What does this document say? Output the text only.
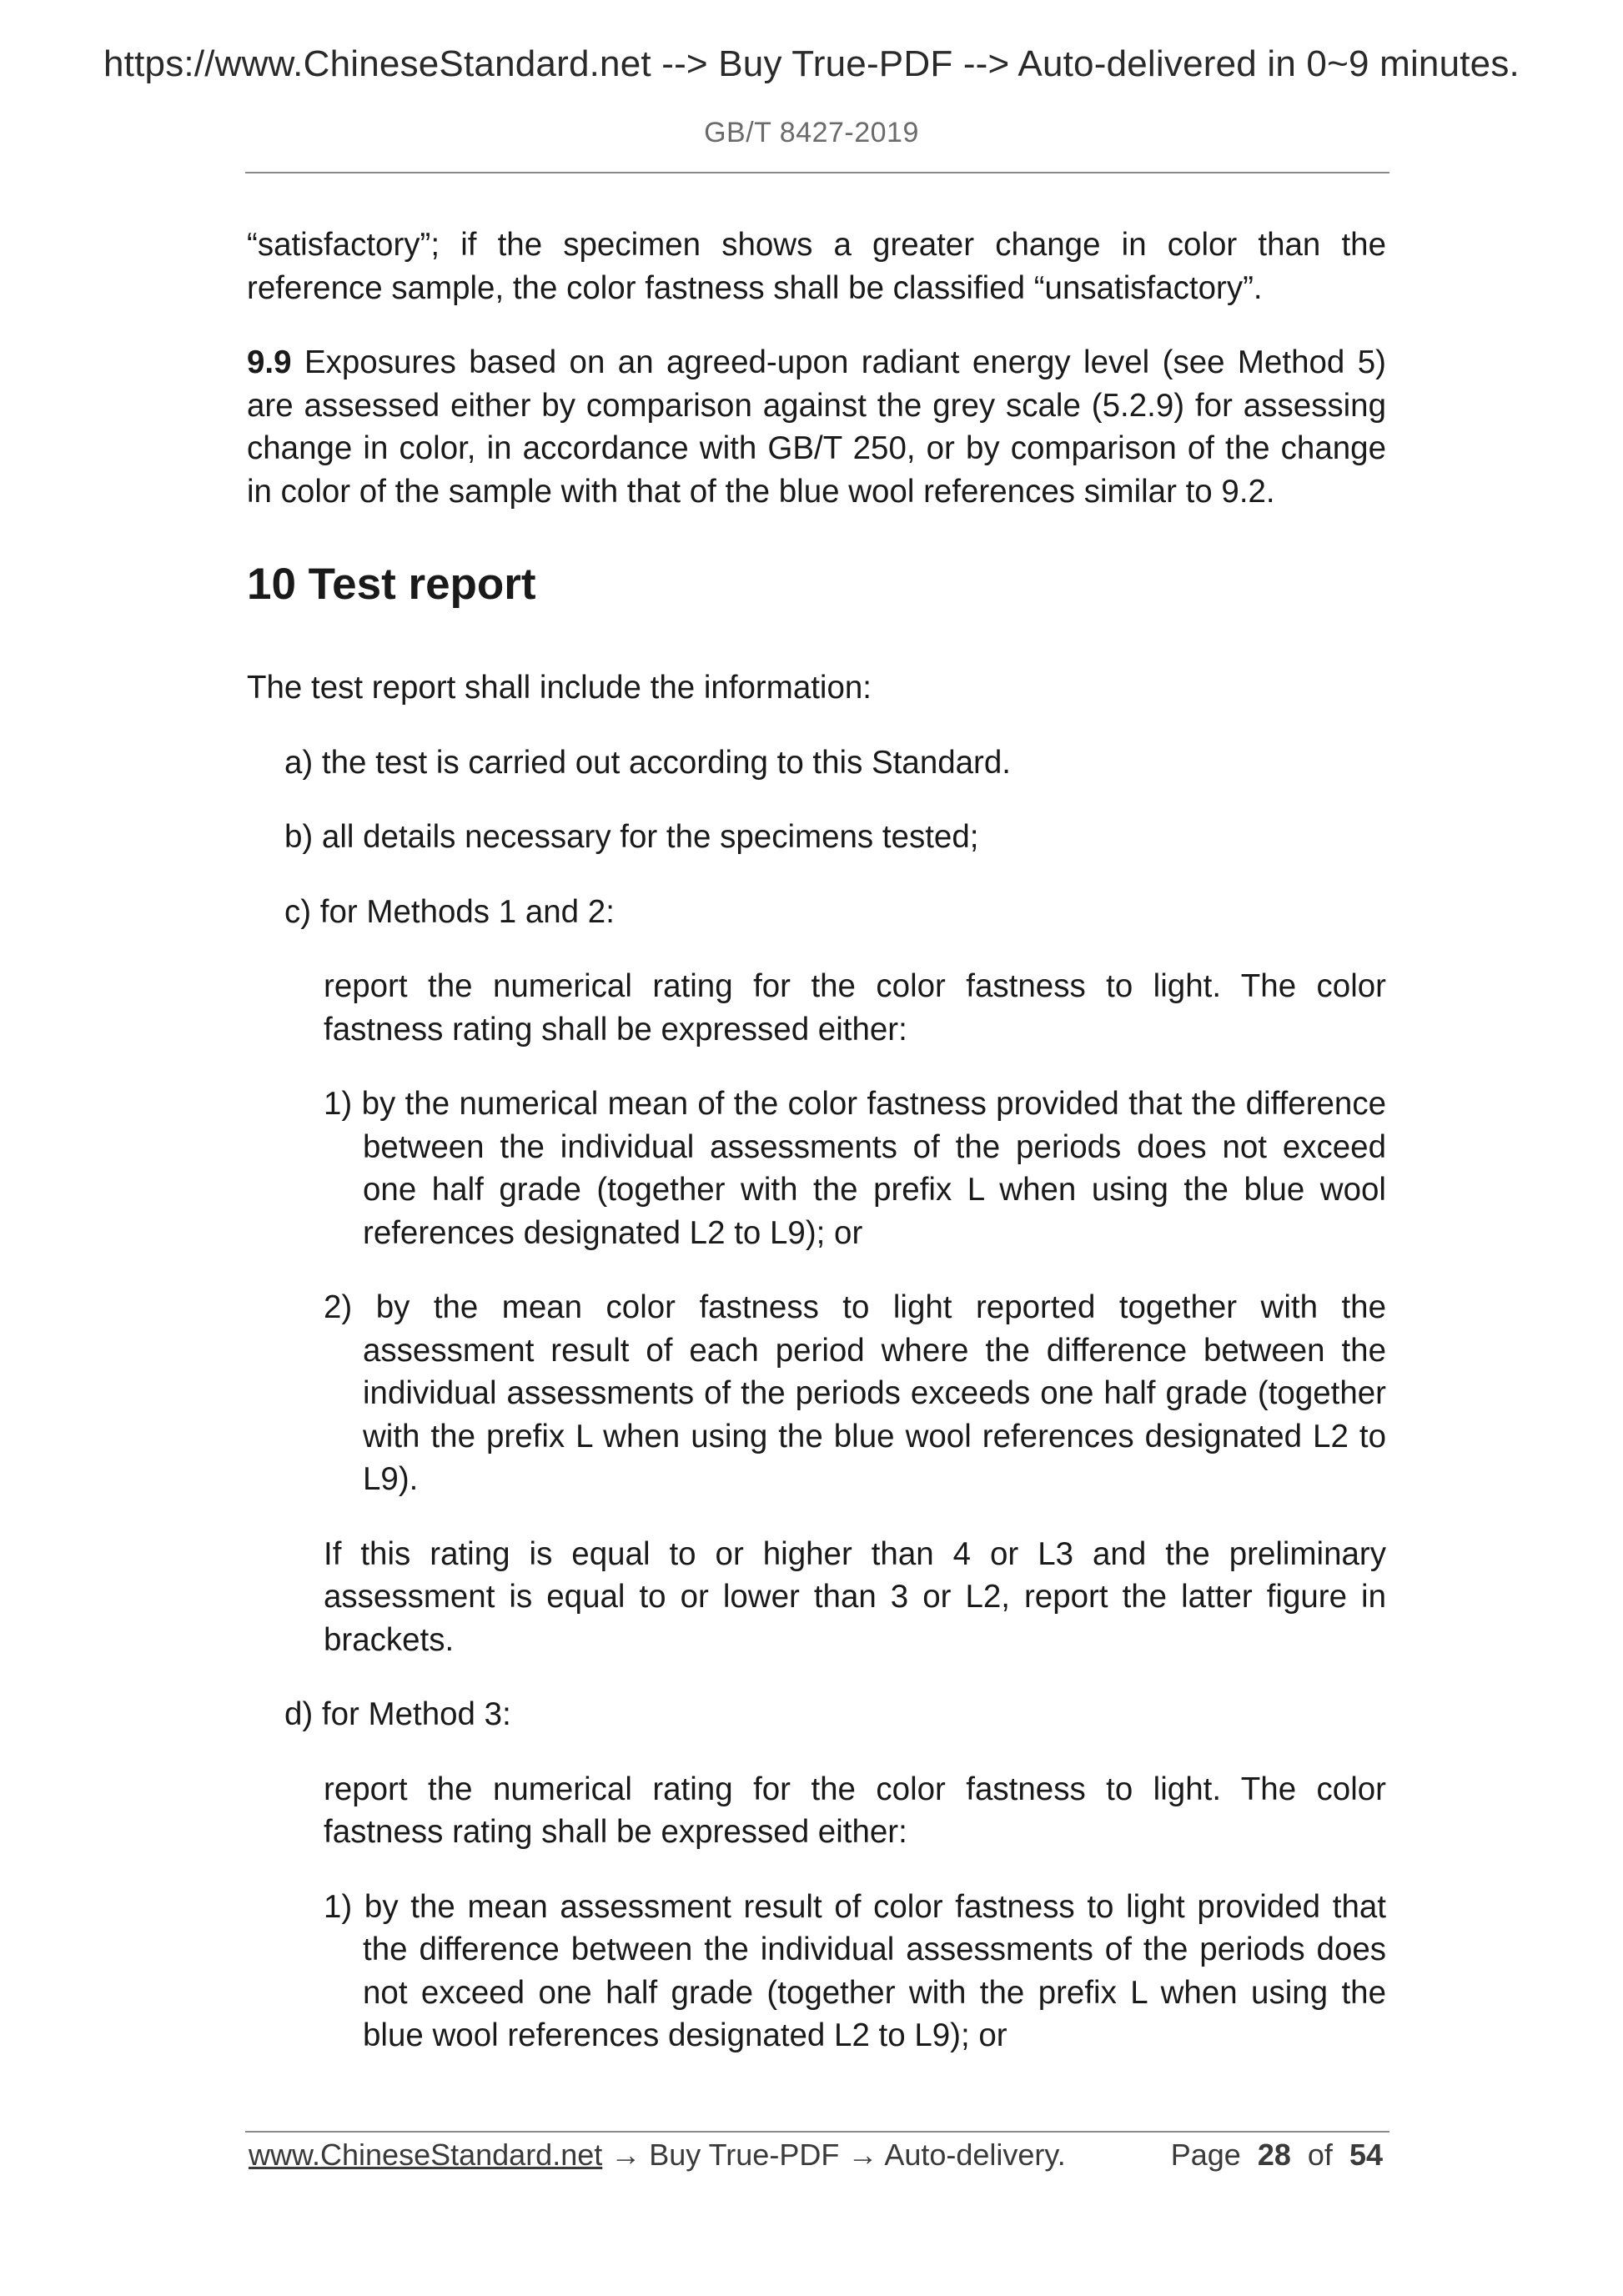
https://www.ChineseStandard.net --> Buy True-PDF --> Auto-delivered in 0~9 minutes.
GB/T 8427-2019

“satisfactory”; if the specimen shows a greater change in color than the reference sample, the color fastness shall be classified “unsatisfactory”.

9.9 Exposures based on an agreed-upon radiant energy level (see Method 5) are assessed either by comparison against the grey scale (5.2.9) for assessing change in color, in accordance with GB/T 250, or by comparison of the change in color of the sample with that of the blue wool references similar to 9.2.

10 Test report

The test report shall include the information:

a) the test is carried out according to this Standard.

b) all details necessary for the specimens tested;

c) for Methods 1 and 2:

report the numerical rating for the color fastness to light. The color fastness rating shall be expressed either:

1) by the numerical mean of the color fastness provided that the difference between the individual assessments of the periods does not exceed one half grade (together with the prefix L when using the blue wool references designated L2 to L9); or

2) by the mean color fastness to light reported together with the assessment result of each period where the difference between the individual assessments of the periods exceeds one half grade (together with the prefix L when using the blue wool references designated L2 to L9).

If this rating is equal to or higher than 4 or L3 and the preliminary assessment is equal to or lower than 3 or L2, report the latter figure in brackets.

d) for Method 3:

report the numerical rating for the color fastness to light. The color fastness rating shall be expressed either:

1) by the mean assessment result of color fastness to light provided that the difference between the individual assessments of the periods does not exceed one half grade (together with the prefix L when using the blue wool references designated L2 to L9); or

www.ChineseStandard.net → Buy True-PDF → Auto-delivery.	Page 28 of 54
